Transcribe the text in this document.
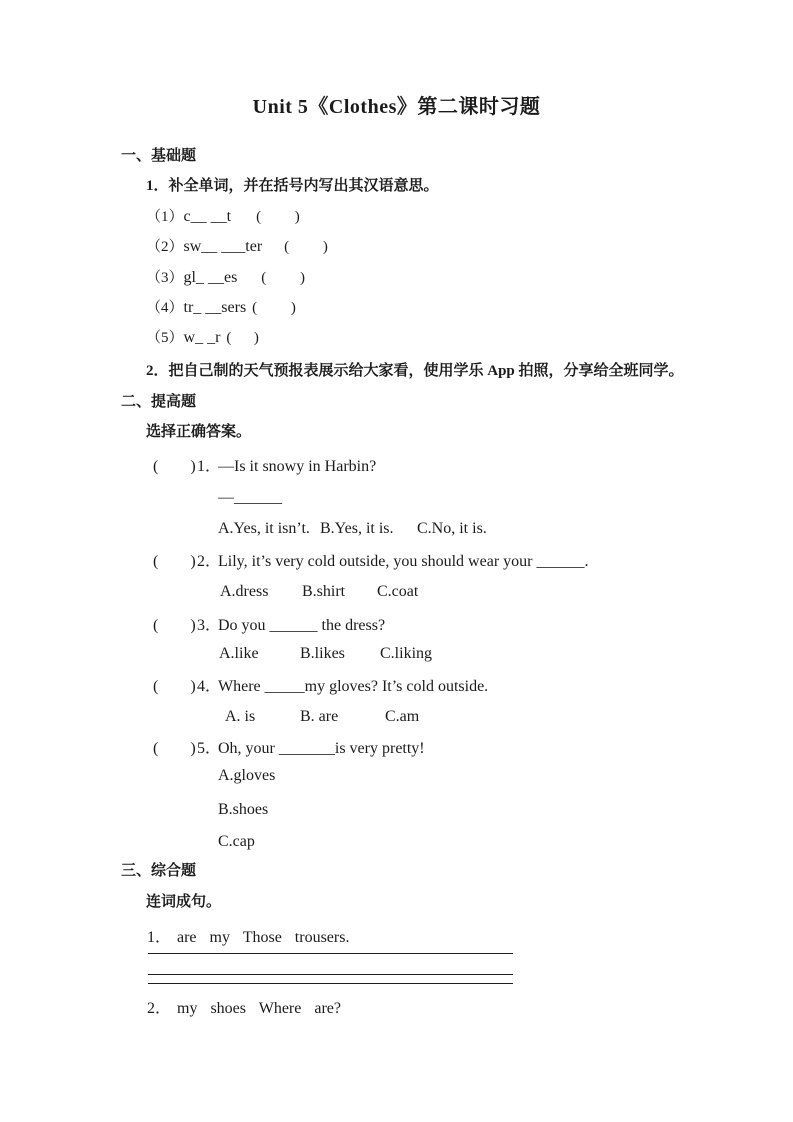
Unit 5《Clothes》第二课时习题
一、基础题
1．补全单词，并在括号内写出其汉语意思。
（1）c__ __t (         )
（2）sw__ ___ter (         )
（3）gl_ __es (         )
（4）tr_ __sers (         )
（5）w_ _r (      )
2．把自己制的天气预报表展示给大家看，使用学乐 App 拍照，分享给全班同学。
二、提高题
选择正确答案。
(        )1．—Is it snowy in Harbin?
—______
A.Yes, it isn’t. B.Yes, it is. C.No, it is.
(        )2．Lily, it’s very cold outside, you should wear your ______.
A.dress B.shirt C.coat
(        )3．Do you ______ the dress?
A.like	B.likes C.liking
(        )4．Where _____my gloves? It’s cold outside.
A. is	B. are	C.am
(        )5．Oh, your _______is very pretty!
A.gloves
B.shoes
C.cap
三、综合题
连词成句。
1． are my Those trousers.
2． my shoes Where are?
